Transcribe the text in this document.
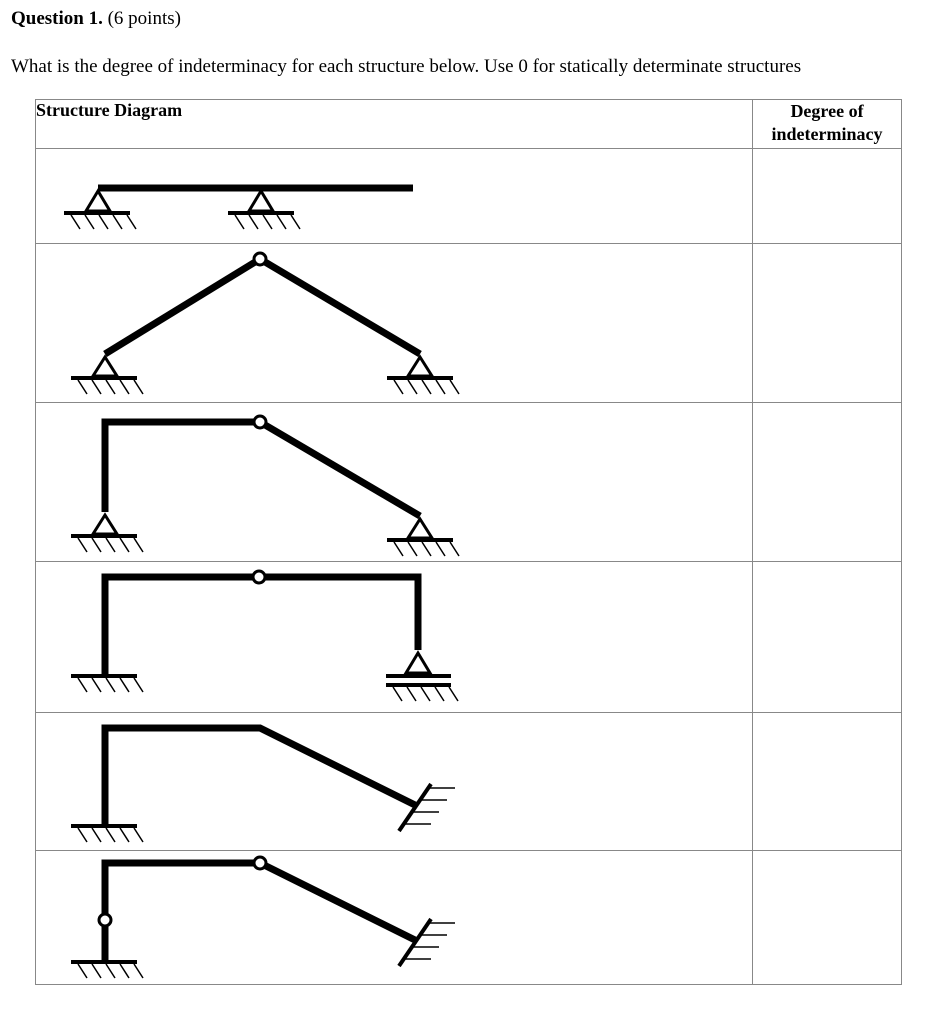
Question 1. (6 points)
What is the degree of indeterminacy for each structure below. Use 0 for statically determinate structures
Structure Diagram	Degree of
indeterminacy
